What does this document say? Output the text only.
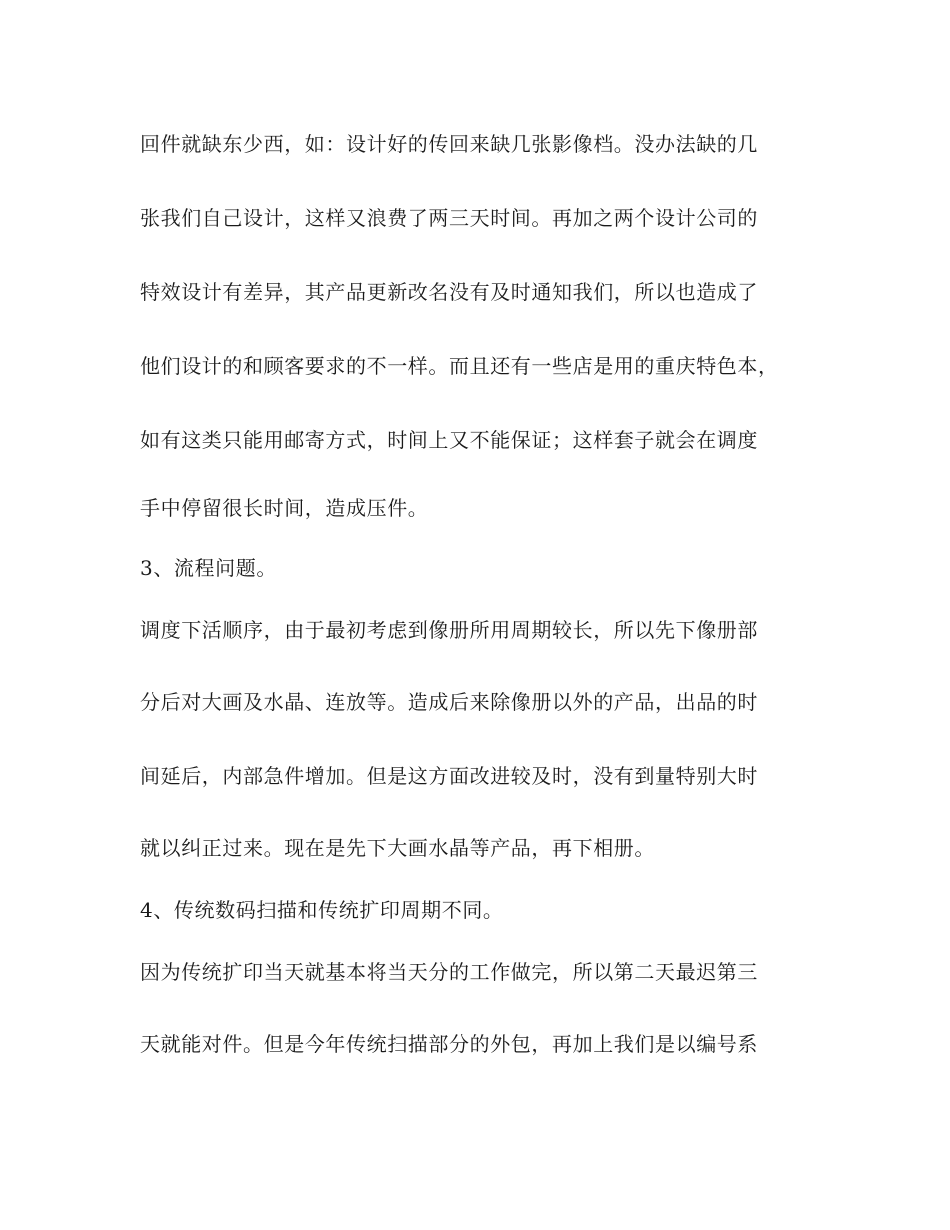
回件就缺东少西，如：设计好的传回来缺几张影像档。没办法缺的几
张我们自己设计，这样又浪费了两三天时间。再加之两个设计公司的
特效设计有差异，其产品更新改名没有及时通知我们，所以也造成了
他们设计的和顾客要求的不一样。而且还有一些店是用的重庆特色本，
如有这类只能用邮寄方式，时间上又不能保证；这样套子就会在调度
手中停留很长时间，造成压件。
3、流程问题。
调度下活顺序，由于最初考虑到像册所用周期较长，所以先下像册部
分后对大画及水晶、连放等。造成后来除像册以外的产品，出品的时
间延后，内部急件增加。但是这方面改进较及时，没有到量特别大时
就以纠正过来。现在是先下大画水晶等产品，再下相册。
4、传统数码扫描和传统扩印周期不同。
因为传统扩印当天就基本将当天分的工作做完，所以第二天最迟第三
天就能对件。但是今年传统扫描部分的外包，再加上我们是以编号系
